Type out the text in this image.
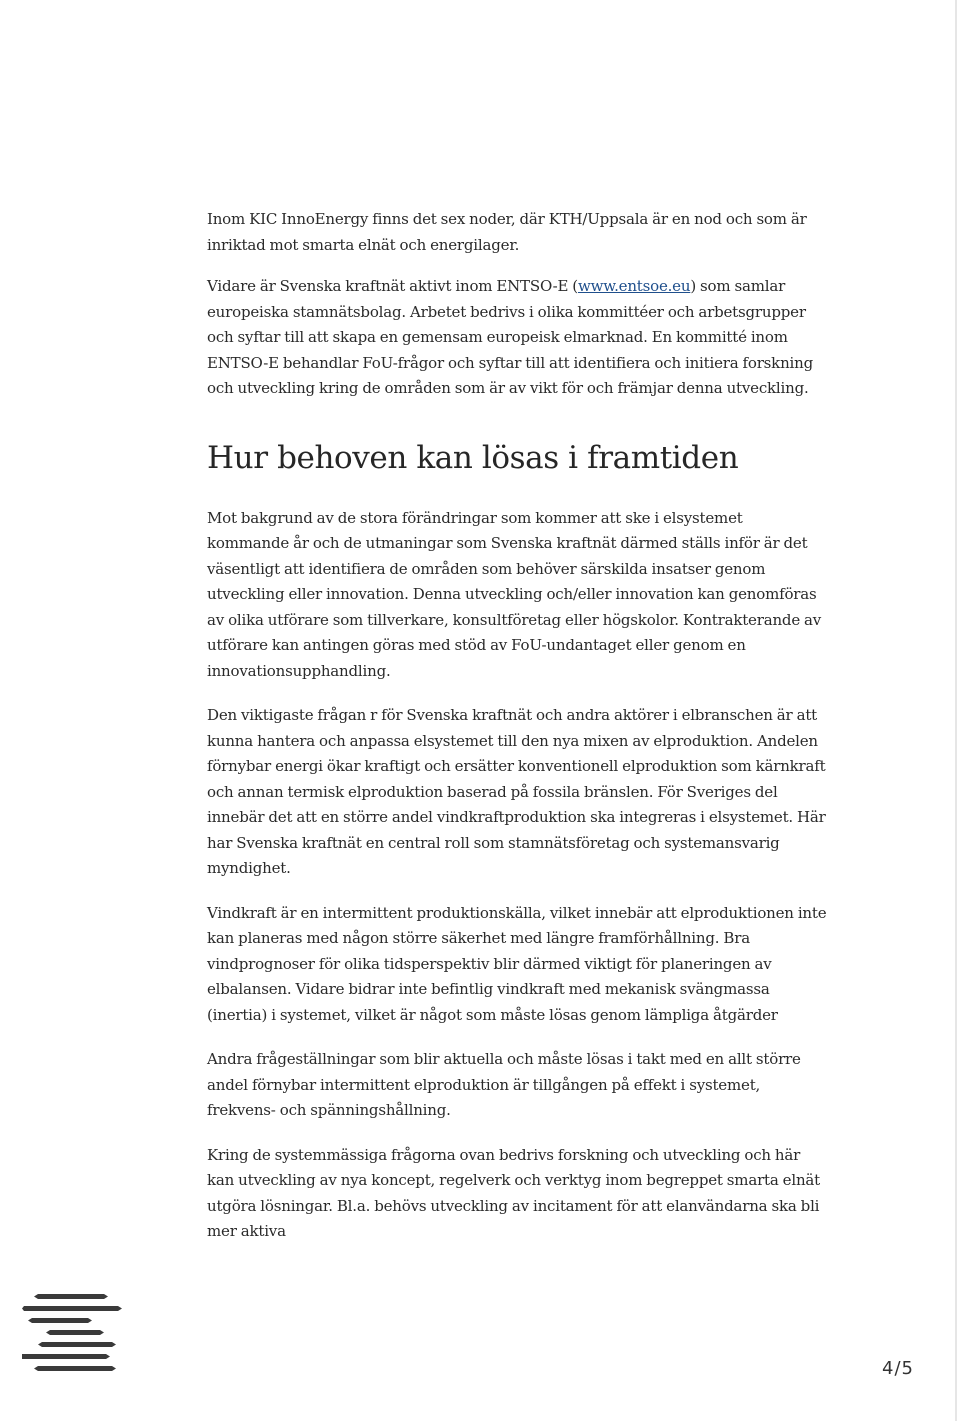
Inom KIC InnoEnergy finns det sex noder, där KTH/Uppsala är en nod och som är inriktad mot smarta elnät och energilager.

Vidare är Svenska kraftnät aktivt inom ENTSO-E (www.entsoe.eu) som samlar europeiska stamnätsbolag. Arbetet bedrivs i olika kommittéer och arbetsgrupper och syftar till att skapa en gemensam europeisk elmarknad. En kommitté inom ENTSO-E behandlar FoU-frågor och syftar till att identifiera och initiera forskning och utveckling kring de områden som är av vikt för och främjar denna utveckling.

Hur behoven kan lösas i framtiden

Mot bakgrund av de stora förändringar som kommer att ske i elsystemet kommande år och de utmaningar som Svenska kraftnät därmed ställs inför är det väsentligt att identifiera de områden som behöver särskilda insatser genom utveckling eller innovation. Denna utveckling och/eller innovation kan genomföras av olika utförare som tillverkare, konsultföretag eller högskolor. Kontrakterande av utförare kan antingen göras med stöd av FoU-undantaget eller genom en innovationsupphandling.

Den viktigaste frågan r för Svenska kraftnät och andra aktörer i elbranschen är att kunna hantera och anpassa elsystemet till den nya mixen av elproduktion. Andelen förnybar energi ökar kraftigt och ersätter konventionell elproduktion som kärnkraft och annan termisk elproduktion baserad på fossila bränslen. För Sveriges del innebär det att en större andel vindkraftproduktion ska integreras i elsystemet. Här har Svenska kraftnät en central roll som stamnätsföretag och systemansvarig myndighet.

Vindkraft är en intermittent produktionskälla, vilket innebär att elproduktionen inte kan planeras med någon större säkerhet med längre framförhållning. Bra vindprognoser för olika tidsperspektiv blir därmed viktigt för planeringen av elbalansen. Vidare bidrar inte befintlig vindkraft med mekanisk svängmassa (inertia) i systemet, vilket är något som måste lösas genom lämpliga åtgärder

Andra frågeställningar som blir aktuella och måste lösas i takt med en allt större andel förnybar intermittent elproduktion är tillgången på effekt i systemet, frekvens- och spänningshållning.

Kring de systemmässiga frågorna ovan bedrivs forskning och utveckling och här kan utveckling av nya koncept, regelverk och verktyg inom begreppet smarta elnät utgöra lösningar. Bl.a. behövs utveckling av incitament för att elanvändarna ska bli mer aktiva

4/5
